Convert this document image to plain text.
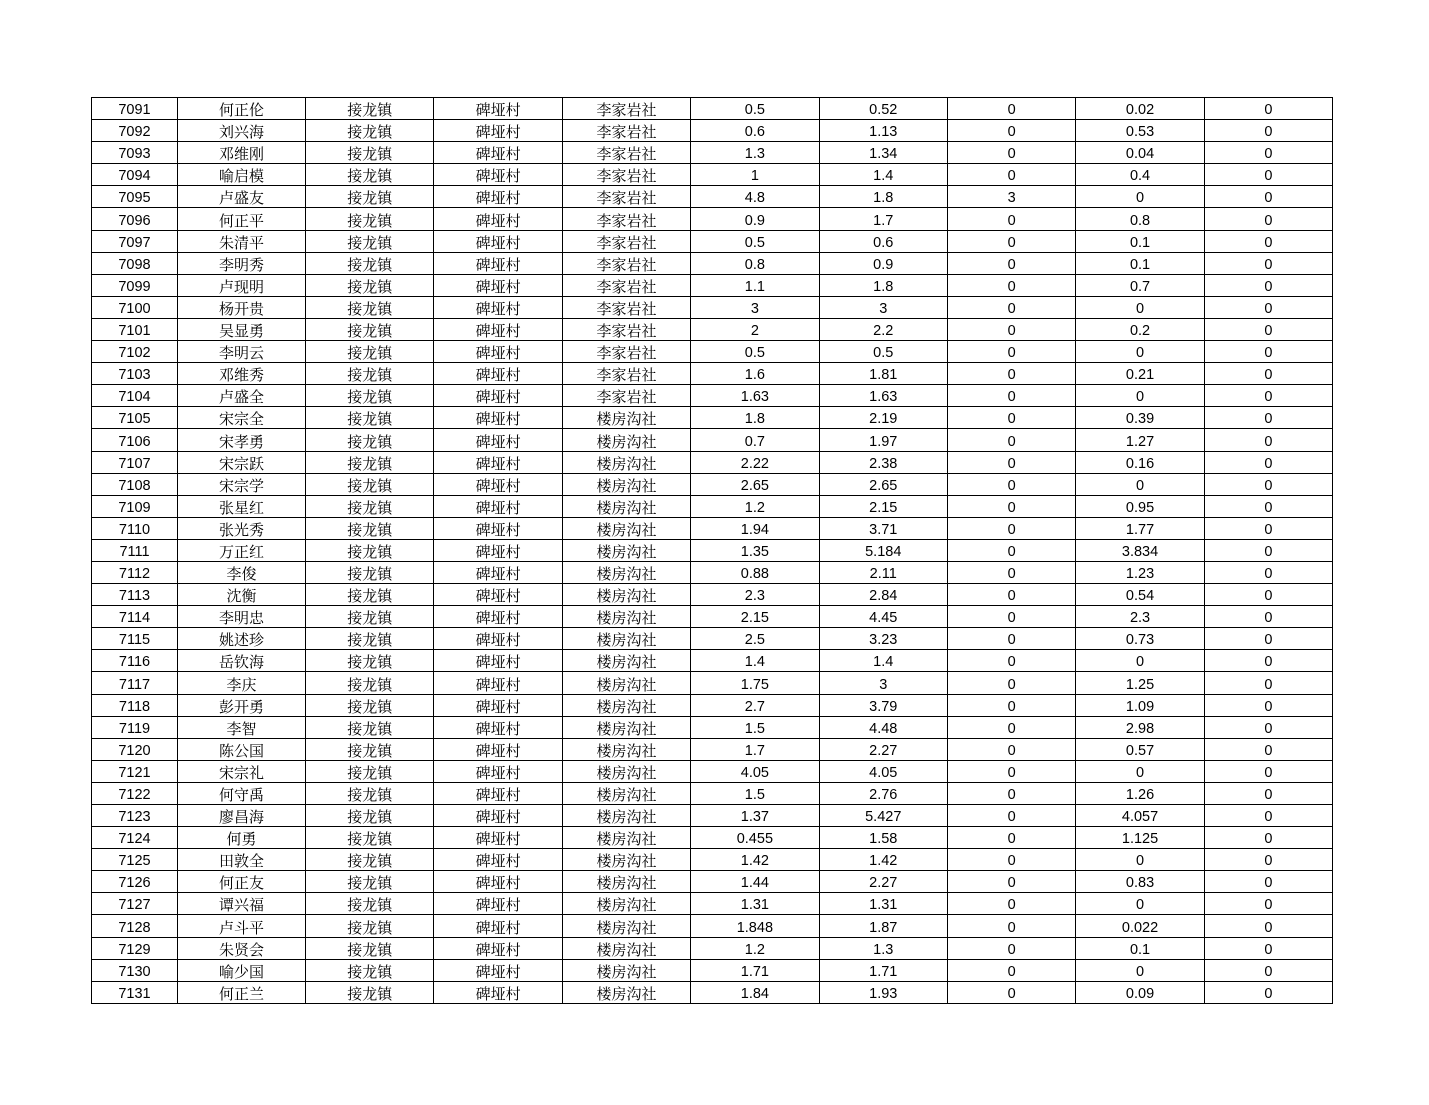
7091	何正伦	接龙镇	碑垭村	李家岩社	0.5	0.52	0	0.02	0
7092	刘兴海	接龙镇	碑垭村	李家岩社	0.6	1.13	0	0.53	0
7093	邓维刚	接龙镇	碑垭村	李家岩社	1.3	1.34	0	0.04	0
7094	喻启模	接龙镇	碑垭村	李家岩社	1	1.4	0	0.4	0
7095	卢盛友	接龙镇	碑垭村	李家岩社	4.8	1.8	3	0	0
7096	何正平	接龙镇	碑垭村	李家岩社	0.9	1.7	0	0.8	0
7097	朱清平	接龙镇	碑垭村	李家岩社	0.5	0.6	0	0.1	0
7098	李明秀	接龙镇	碑垭村	李家岩社	0.8	0.9	0	0.1	0
7099	卢现明	接龙镇	碑垭村	李家岩社	1.1	1.8	0	0.7	0
7100	杨开贵	接龙镇	碑垭村	李家岩社	3	3	0	0	0
7101	吴显勇	接龙镇	碑垭村	李家岩社	2	2.2	0	0.2	0
7102	李明云	接龙镇	碑垭村	李家岩社	0.5	0.5	0	0	0
7103	邓维秀	接龙镇	碑垭村	李家岩社	1.6	1.81	0	0.21	0
7104	卢盛全	接龙镇	碑垭村	李家岩社	1.63	1.63	0	0	0
7105	宋宗全	接龙镇	碑垭村	楼房沟社	1.8	2.19	0	0.39	0
7106	宋孝勇	接龙镇	碑垭村	楼房沟社	0.7	1.97	0	1.27	0
7107	宋宗跃	接龙镇	碑垭村	楼房沟社	2.22	2.38	0	0.16	0
7108	宋宗学	接龙镇	碑垭村	楼房沟社	2.65	2.65	0	0	0
7109	张星红	接龙镇	碑垭村	楼房沟社	1.2	2.15	0	0.95	0
7110	张光秀	接龙镇	碑垭村	楼房沟社	1.94	3.71	0	1.77	0
7111	万正红	接龙镇	碑垭村	楼房沟社	1.35	5.184	0	3.834	0
7112	李俊	接龙镇	碑垭村	楼房沟社	0.88	2.11	0	1.23	0
7113	沈衡	接龙镇	碑垭村	楼房沟社	2.3	2.84	0	0.54	0
7114	李明忠	接龙镇	碑垭村	楼房沟社	2.15	4.45	0	2.3	0
7115	姚述珍	接龙镇	碑垭村	楼房沟社	2.5	3.23	0	0.73	0
7116	岳钦海	接龙镇	碑垭村	楼房沟社	1.4	1.4	0	0	0
7117	李庆	接龙镇	碑垭村	楼房沟社	1.75	3	0	1.25	0
7118	彭开勇	接龙镇	碑垭村	楼房沟社	2.7	3.79	0	1.09	0
7119	李智	接龙镇	碑垭村	楼房沟社	1.5	4.48	0	2.98	0
7120	陈公国	接龙镇	碑垭村	楼房沟社	1.7	2.27	0	0.57	0
7121	宋宗礼	接龙镇	碑垭村	楼房沟社	4.05	4.05	0	0	0
7122	何守禹	接龙镇	碑垭村	楼房沟社	1.5	2.76	0	1.26	0
7123	廖昌海	接龙镇	碑垭村	楼房沟社	1.37	5.427	0	4.057	0
7124	何勇	接龙镇	碑垭村	楼房沟社	0.455	1.58	0	1.125	0
7125	田敦全	接龙镇	碑垭村	楼房沟社	1.42	1.42	0	0	0
7126	何正友	接龙镇	碑垭村	楼房沟社	1.44	2.27	0	0.83	0
7127	谭兴福	接龙镇	碑垭村	楼房沟社	1.31	1.31	0	0	0
7128	卢斗平	接龙镇	碑垭村	楼房沟社	1.848	1.87	0	0.022	0
7129	朱贤会	接龙镇	碑垭村	楼房沟社	1.2	1.3	0	0.1	0
7130	喻少国	接龙镇	碑垭村	楼房沟社	1.71	1.71	0	0	0
7131	何正兰	接龙镇	碑垭村	楼房沟社	1.84	1.93	0	0.09	0
